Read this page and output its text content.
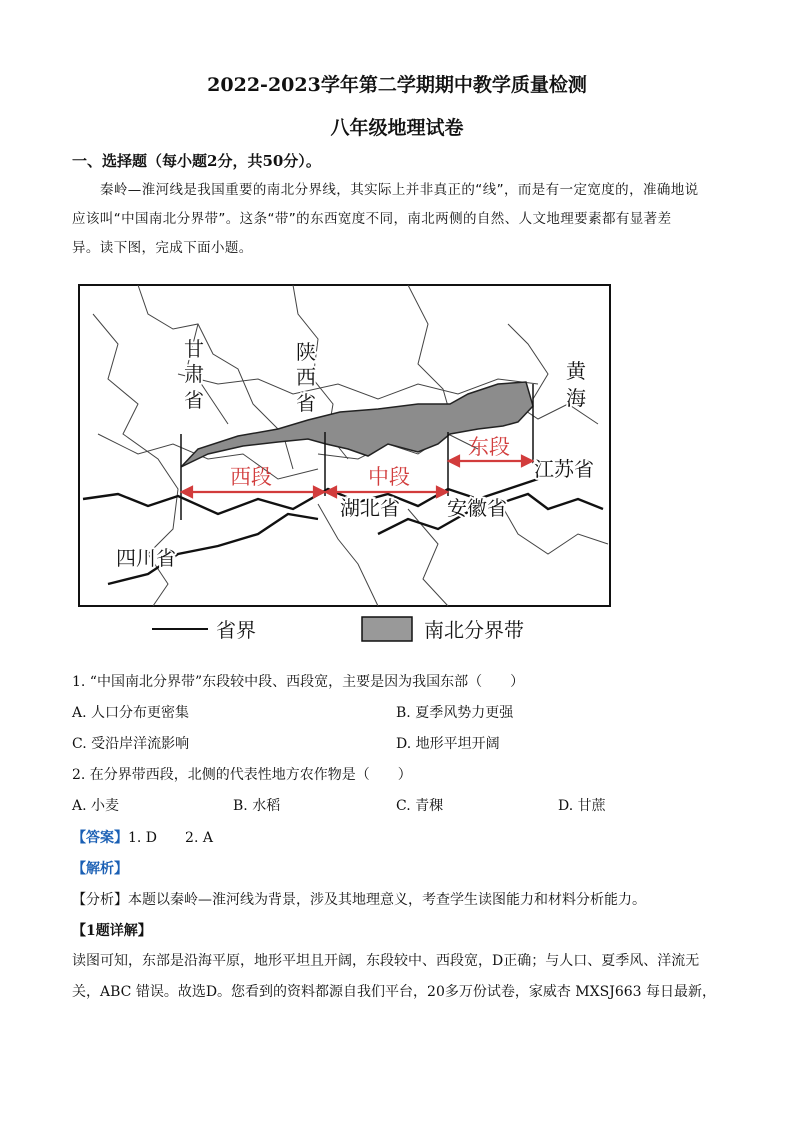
2022-2023学年第二学期期中教学质量检测
八年级地理试卷
一、选择题（每小题2分，共50分）。
秦岭—淮河线是我国重要的南北分界线，其实际上并非真正的“线”，而是有一定宽度的，准确地说
应该叫“中国南北分界带”。这条“带”的东西宽度不同，南北两侧的自然、人文地理要素都有显著差
异。读下图，完成下面小题。
西段	中段
东段
甘
肃
省
陕
西
省
黄
海
四川省
湖北省 安徽省
江苏省
省界	南北分界带
1. “中国南北分界带”东段较中段、西段宽，主要是因为我国东部（　　）
A. 人口分布更密集	B. 夏季风势力更强
C. 受沿岸洋流影响	D. 地形平坦开阔
2. 在分界带西段，北侧的代表性地方农作物是（　　）
A. 小麦	B. 水稻	C. 青稞	D. 甘蔗
【答案】1. D　　2. A
【解析】
【分析】本题以秦岭—淮河线为背景，涉及其地理意义，考查学生读图能力和材料分析能力。
【1题详解】
读图可知，东部是沿海平原，地形平坦且开阔，东段较中、西段宽，D正确；与人口、夏季风、洋流无
关，ABC 错误。故选D。您看到的资料都源自我们平台，20多万份试卷，家威杏 MXSJ663 每日最新，
